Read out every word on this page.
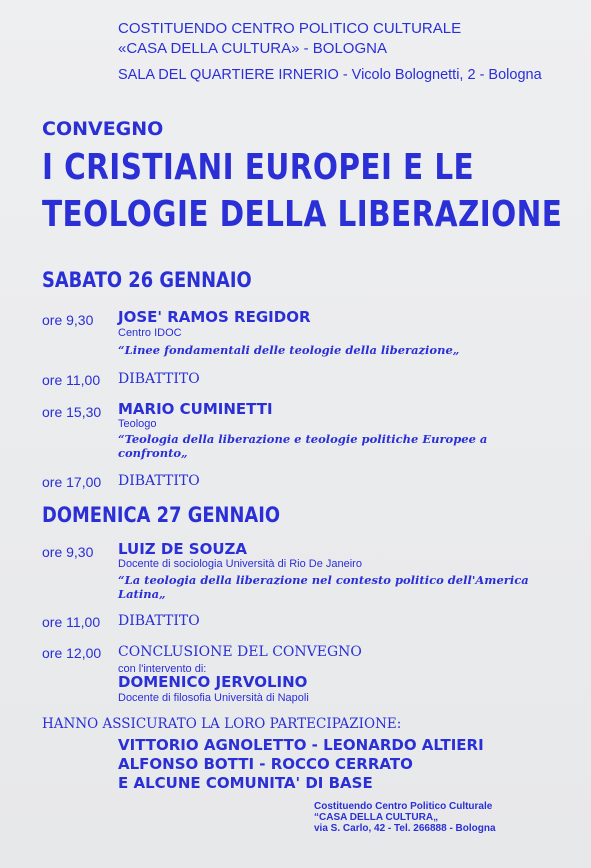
COSTITUENDO CENTRO POLITICO CULTURALE
«CASA DELLA CULTURA» - BOLOGNA
SALA DEL QUARTIERE IRNERIO - Vicolo Bolognetti, 2 - Bologna
CONVEGNO
I CRISTIANI EUROPEI E LE
TEOLOGIE DELLA LIBERAZIONE
SABATO 26 GENNAIO
ore 9,30 JOSE' RAMOS REGIDOR
Centro IDOC
“Linee fondamentali delle teologie della liberazione„
ore 11,00 DIBATTITO
ore 15,30 MARIO CUMINETTI
Teologo
“Teologia della liberazione e teologie politiche Europee a confronto„
ore 17,00 DIBATTITO
DOMENICA 27 GENNAIO
ore 9,30 LUIZ DE SOUZA
Docente di sociologia Università di Rio De Janeiro
“La teologia della liberazione nel contesto politico dell'America Latina„
ore 11,00 DIBATTITO
ore 12,00 CONCLUSIONE DEL CONVEGNO
con l'intervento di:
DOMENICO JERVOLINO
Docente di filosofia Università di Napoli
HANNO ASSICURATO LA LORO PARTECIPAZIONE:
VITTORIO AGNOLETTO - LEONARDO ALTIERI
ALFONSO BOTTI - ROCCO CERRATO
E ALCUNE COMUNITA' DI BASE
Costituendo Centro Politico Culturale
“CASA DELLA CULTURA„
via S. Carlo, 42 - Tel. 266888 - Bologna
